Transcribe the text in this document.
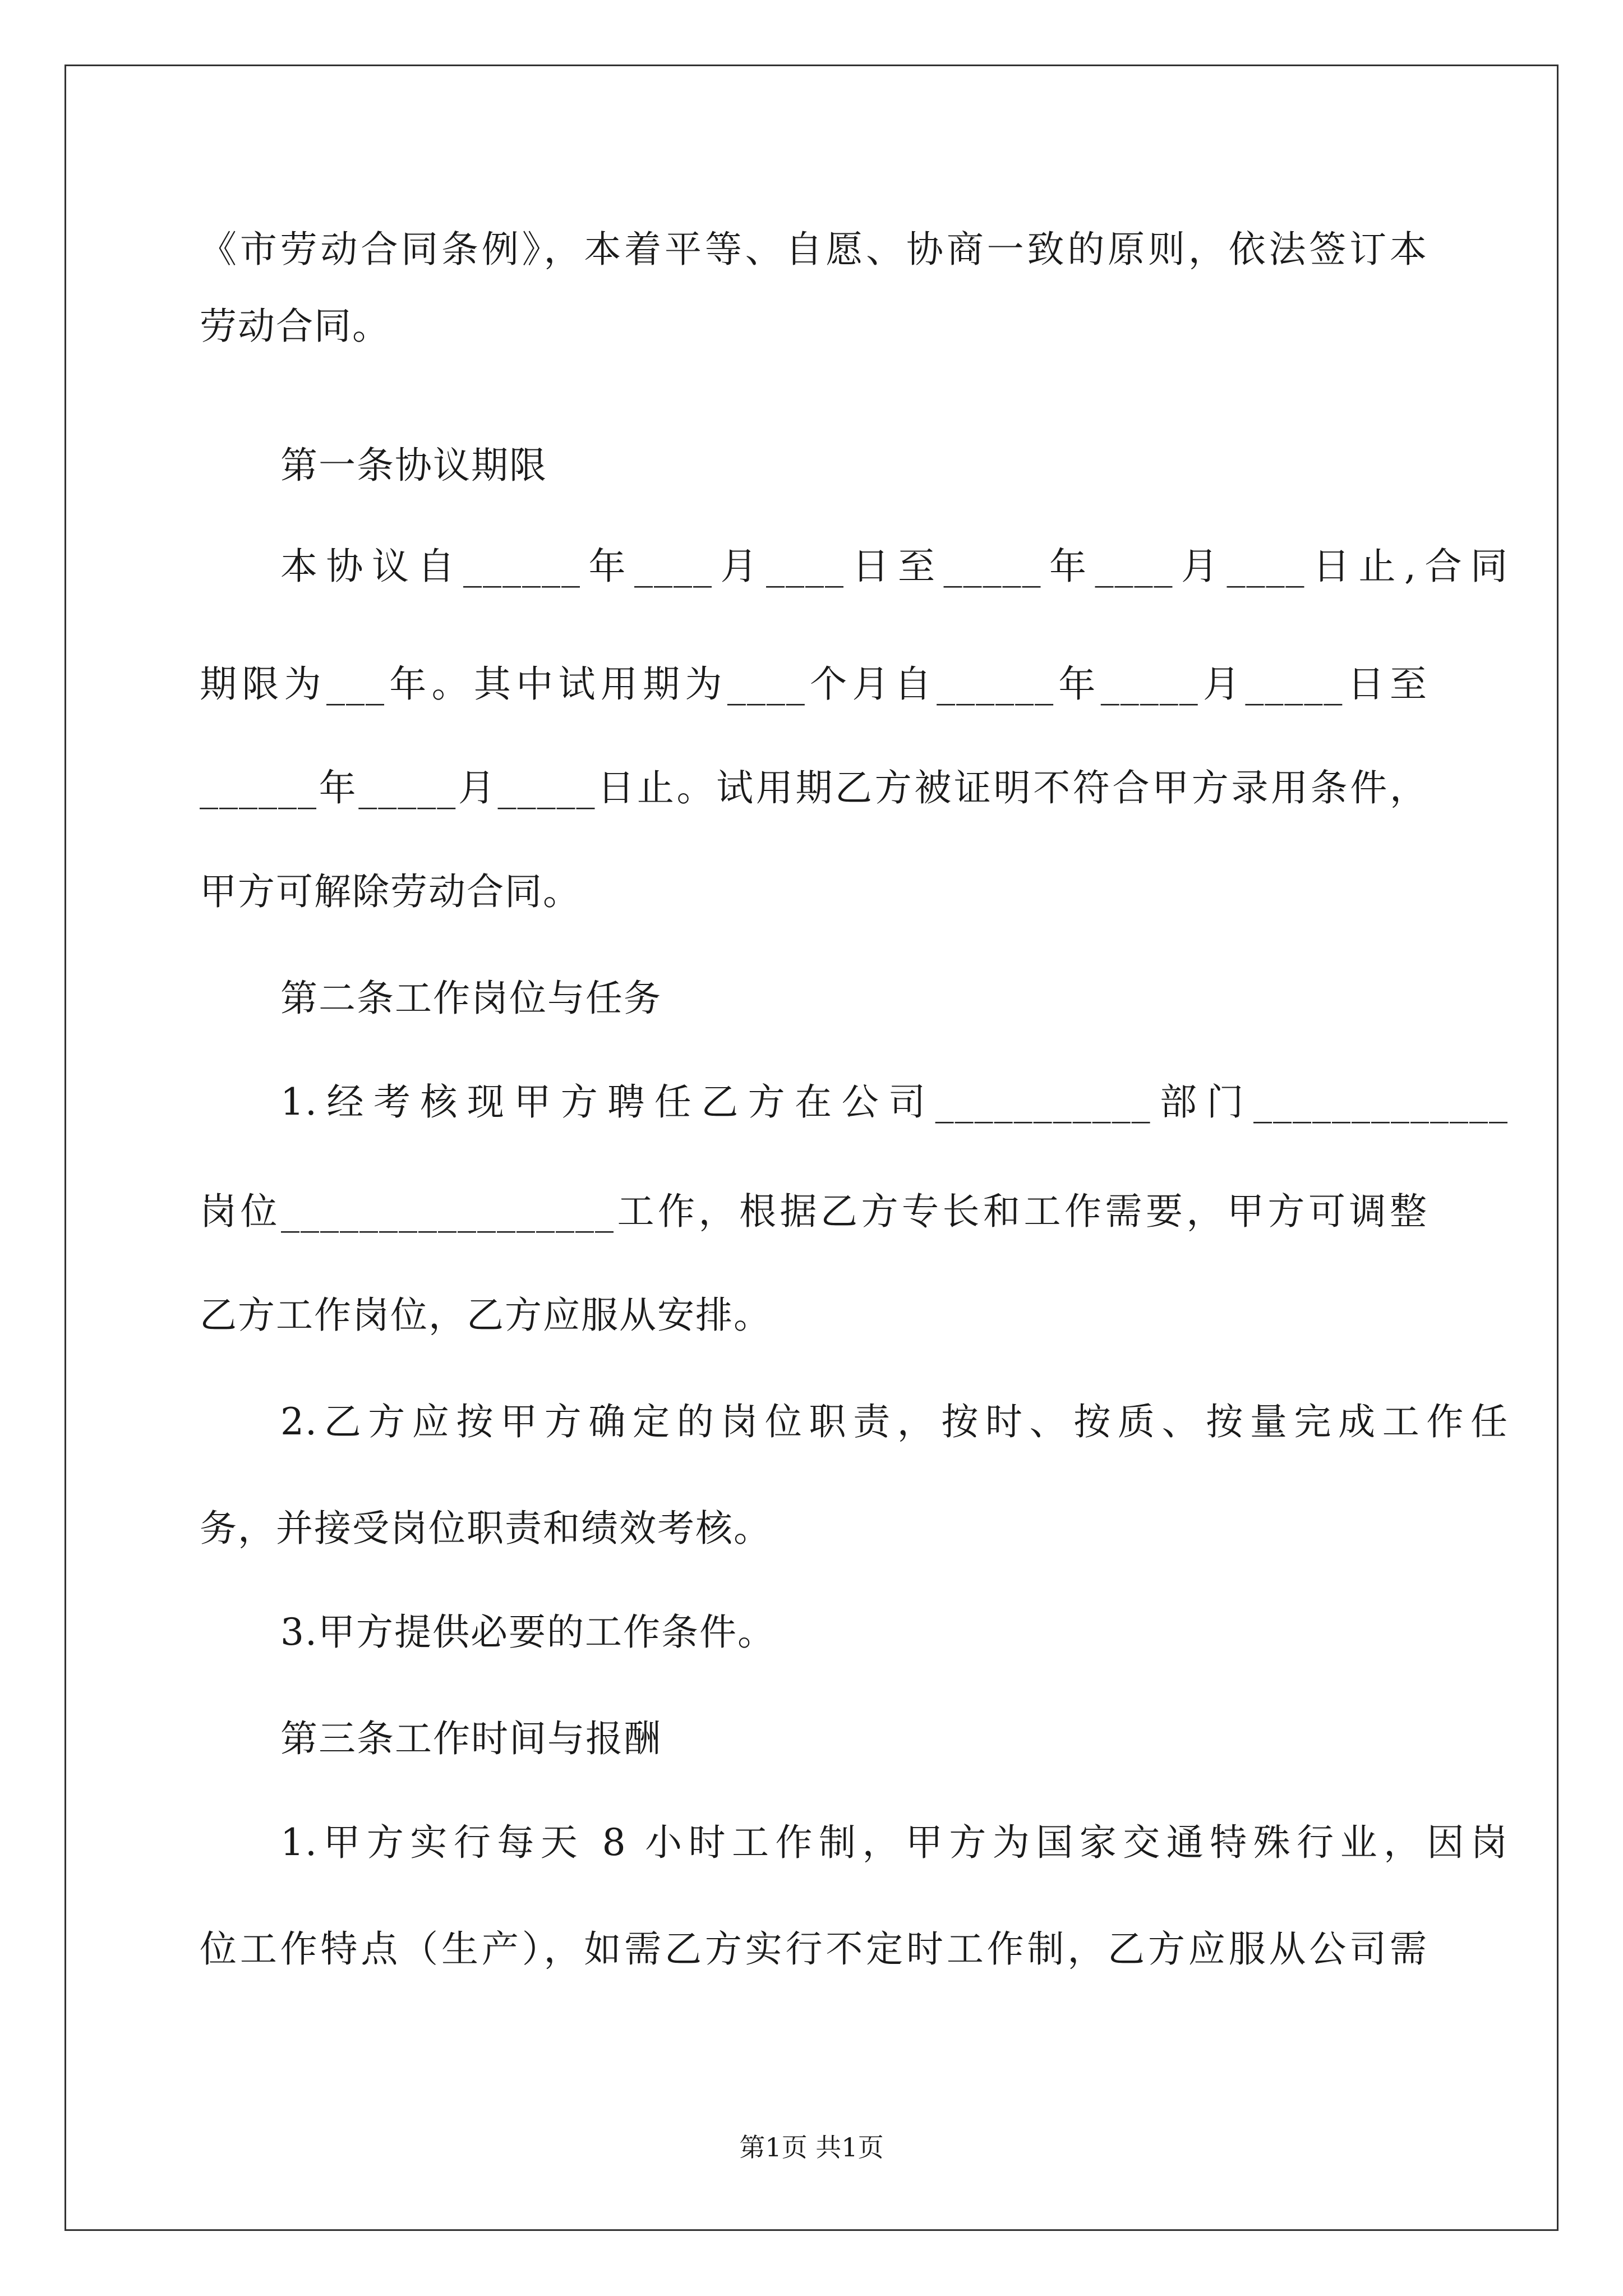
《市劳动合同条例》，本着平等、自愿、协商一致的原则，依法签订本
劳动合同。
第一条协议期限
本协议自______年____月____日至_____年____月____日止,合同
期限为___年。其中试用期为____个月自______年_____月_____日至
______年_____月_____日止。试用期乙方被证明不符合甲方录用条件，
甲方可解除劳动合同。
第二条工作岗位与任务
1.经考核现甲方聘任乙方在公司___________部门_____________
岗位_________________工作，根据乙方专长和工作需要，甲方可调整
乙方工作岗位，乙方应服从安排。
2.乙方应按甲方确定的岗位职责，按时、按质、按量完成工作任
务，并接受岗位职责和绩效考核。
3.甲方提供必要的工作条件。
第三条工作时间与报酬
1.甲方实行每天 8 小时工作制，甲方为国家交通特殊行业，因岗
位工作特点（生产），如需乙方实行不定时工作制，乙方应服从公司需
第1页 共1页
